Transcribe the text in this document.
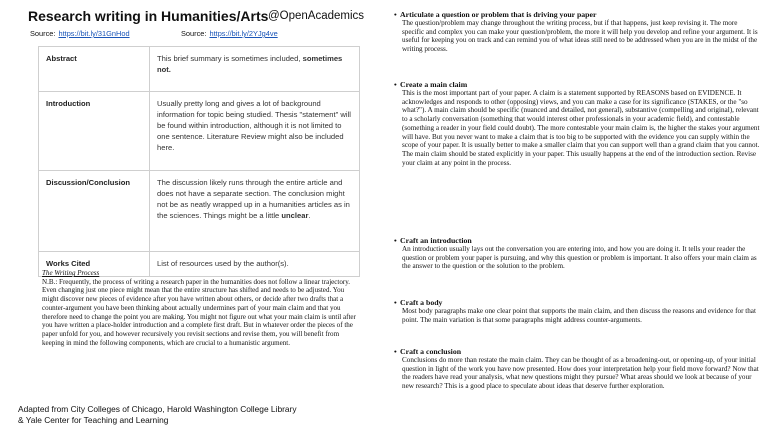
Research writing in Humanities/Arts @OpenAcademics
Source: https://bit.ly/31GnHod	Source: https://bit.ly/2YJg4ve
Abstract	This brief summary is sometimes included, sometimes not.
Introduction	Usually pretty long and gives a lot of background information for topic being studied. Thesis "statement" will be found within introduction, although it is not limited to one sentence. Literature Review might also be included here.
Discussion/Conclusion	The discussion likely runs through the entire article and does not have a separate section. The conclusion might not be as neatly wrapped up in a humanities articles as in the sciences. Things might be a little unclear.
Works Cited	List of resources used by the author(s).
The Writing Process
N.B.: Frequently, the process of writing a research paper in the humanities does not follow a linear trajectory. Even changing just one piece might mean that the entire structure has shifted and needs to be adjusted. You might discover new pieces of evidence after you have written about others, or decide after two drafts that a counter-argument you have been thinking about actually undermines part of your main claim and that you therefore need to change the point you are making. You might not figure out what your main claim is until after you have written a place-holder introduction and a complete first draft. But in whatever order the pieces of the paper unfold for you, and however recursively you revisit sections and revise them, you will benefit from keeping in mind the following components, which are crucial to a humanistic argument.
Adapted from City Colleges of Chicago, Harold Washington College Library
& Yale Center for Teaching and Learning
• Articulate a question or problem that is driving your paper
The question/problem may change throughout the writing process, but if that happens, just keep revising it. The more specific and complex you can make your question/problem, the more it will help you develop and refine your argument. It is useful for keeping you on track and can remind you of what ideas still need to be addressed when you are in the midst of the writing process.
• Create a main claim
This is the most important part of your paper. A claim is a statement supported by REASONS based on EVIDENCE. It acknowledges and responds to other (opposing) views, and you can make a case for its significance (STAKES, or the "so what?"). A main claim should be specific (nuanced and detailed, not general), substantive (compelling and original), relevant to a scholarly conversation (something that would interest other professionals in your academic field), and contestable (something a reader in your field could doubt). The more contestable your main claim is, the higher the stakes your argument will have. But you never want to make a claim that is too big to be supported with the evidence you can supply within the scope of your paper. It is usually better to make a smaller claim that you can support well than a grand claim that you cannot. The main claim should be stated explicitly in your paper. This usually happens at the end of the introduction section. Revise your claim at any point in the process.
• Craft an introduction
An introduction usually lays out the conversation you are entering into, and how you are doing it. It tells your reader the question or problem your paper is pursuing, and why this question or problem is important. It also offers your main claim as the answer to the question or the solution to the problem.
• Craft a body
Most body paragraphs make one clear point that supports the main claim, and then discuss the reasons and evidence for that point. The main variation is that some paragraphs might address counter-arguments.
• Craft a conclusion
Conclusions do more than restate the main claim. They can be thought of as a broadening-out, or opening-up, of your initial question in light of the work you have now presented. How does your interpretation help your field move forward? Now that the readers have read your analysis, what new questions might they pursue? What areas should we look at because of your new research? This is a good place to speculate about ideas that deserve further exploration.
